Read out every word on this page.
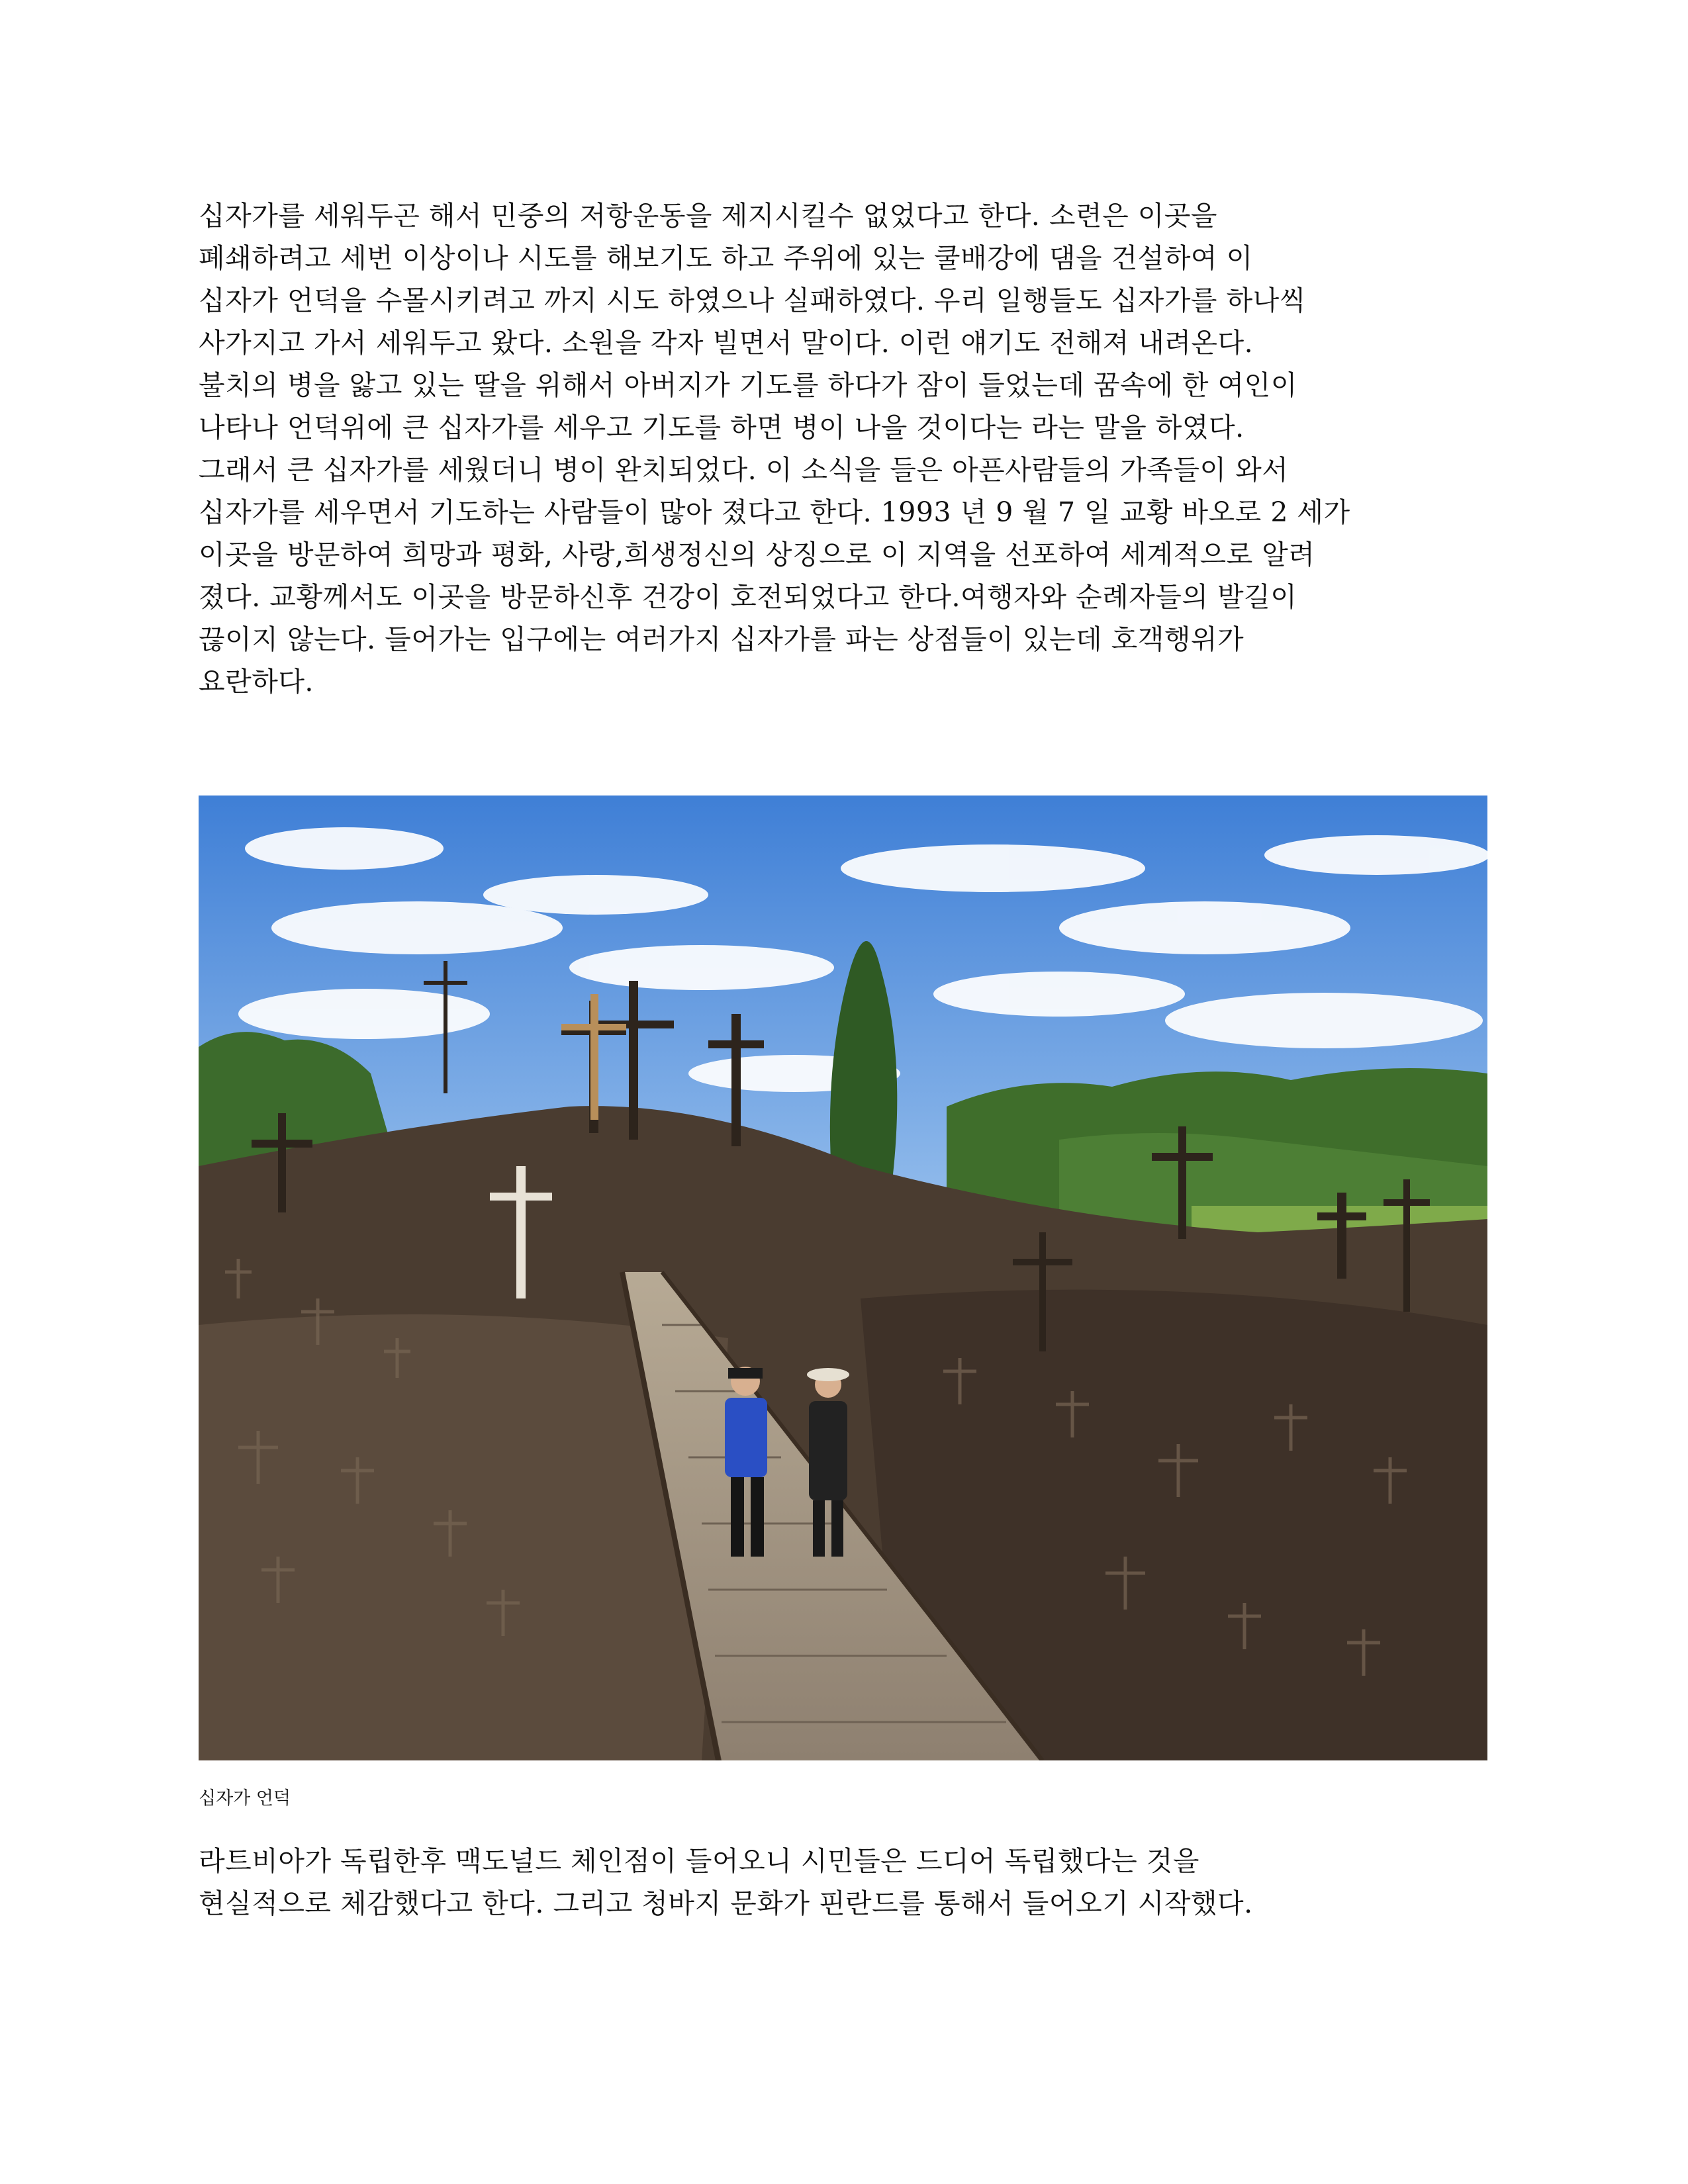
십자가를 세워두곤 해서 민중의 저항운동을 제지시킬수 없었다고 한다. 소련은 이곳을
폐쇄하려고 세번 이상이나 시도를 해보기도 하고 주위에 있는 쿨배강에 댐을 건설하여 이
십자가 언덕을 수몰시키려고 까지 시도 하였으나 실패하였다. 우리 일행들도 십자가를 하나씩
사가지고 가서 세워두고 왔다. 소원을 각자 빌면서 말이다. 이런 얘기도 전해져 내려온다.
불치의 병을 앓고 있는 딸을 위해서 아버지가 기도를 하다가 잠이 들었는데 꿈속에 한 여인이
나타나 언덕위에 큰 십자가를 세우고 기도를 하면 병이 나을 것이다는 라는 말을 하였다.
그래서 큰 십자가를 세웠더니 병이 완치되었다. 이 소식을 들은 아픈사람들의 가족들이 와서
십자가를 세우면서 기도하는 사람들이 많아 졌다고 한다. 1993 년 9 월 7 일 교황 바오로 2 세가
이곳을 방문하여 희망과 평화, 사랑,희생정신의 상징으로 이 지역을 선포하여 세계적으로 알려
졌다. 교황께서도 이곳을 방문하신후 건강이 호전되었다고 한다.여행자와 순례자들의 발길이
끊이지 않는다. 들어가는 입구에는 여러가지 십자가를 파는 상점들이 있는데 호객행위가
요란하다.

십자가 언덕

라트비아가 독립한후 맥도널드 체인점이 들어오니 시민들은 드디어 독립했다는 것을
현실적으로 체감했다고 한다. 그리고 청바지 문화가 핀란드를 통해서 들어오기 시작했다.
